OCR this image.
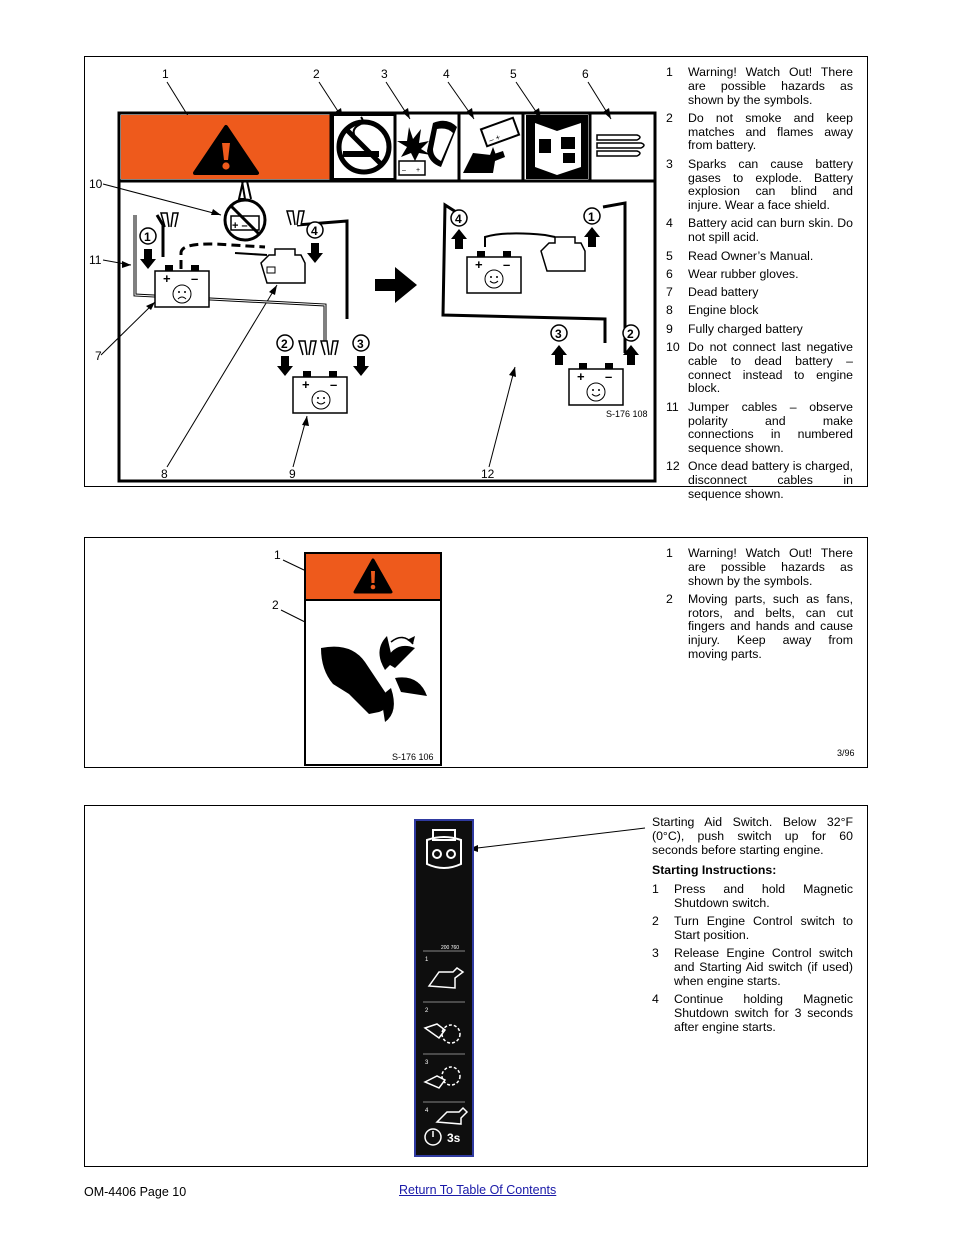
1	2	3	4	5	6
7
8	9
10
11
12
– +
– +
+ –
+ –
+ –
1	4
2	3
+ –
+ –
4	1
3	2
S-176 108
1 Warning! Watch Out! There are possible hazards as shown by the symbols.
2 Do not smoke and keep matches and flames away from battery.
3 Sparks can cause battery gases to explode. Battery explosion can blind and injure. Wear a face shield.
4 Battery acid can burn skin. Do not spill acid.
5 Read Owner’s Manual.
6 Wear rubber gloves.
7 Dead battery
8 Engine block
9 Fully charged battery
10 Do not connect last negative cable to dead battery – connect instead to engine block.
11 Jumper cables – observe polarity and make connections in numbered sequence shown.
12 Once dead battery is charged, disconnect cables in sequence shown.
1
2
S-176 106
1 Warning! Watch Out! There are possible hazards as shown by the symbols.
2 Moving parts, such as fans, rotors, and belts, can cut fingers and hands and cause injury. Keep away from moving parts.
3/96
200 760
1
2
3
4
3s
Starting Aid Switch. Below 32°F (0°C), push switch up for 60 seconds before starting engine.
Starting Instructions:
1 Press and hold Magnetic Shutdown switch.
2 Turn Engine Control switch to Start position.
3 Release Engine Control switch and Starting Aid switch (if used) when engine starts.
4 Continue holding Magnetic Shutdown switch for 3 seconds after engine starts.
OM-4406 Page 10	Return To Table Of Contents
